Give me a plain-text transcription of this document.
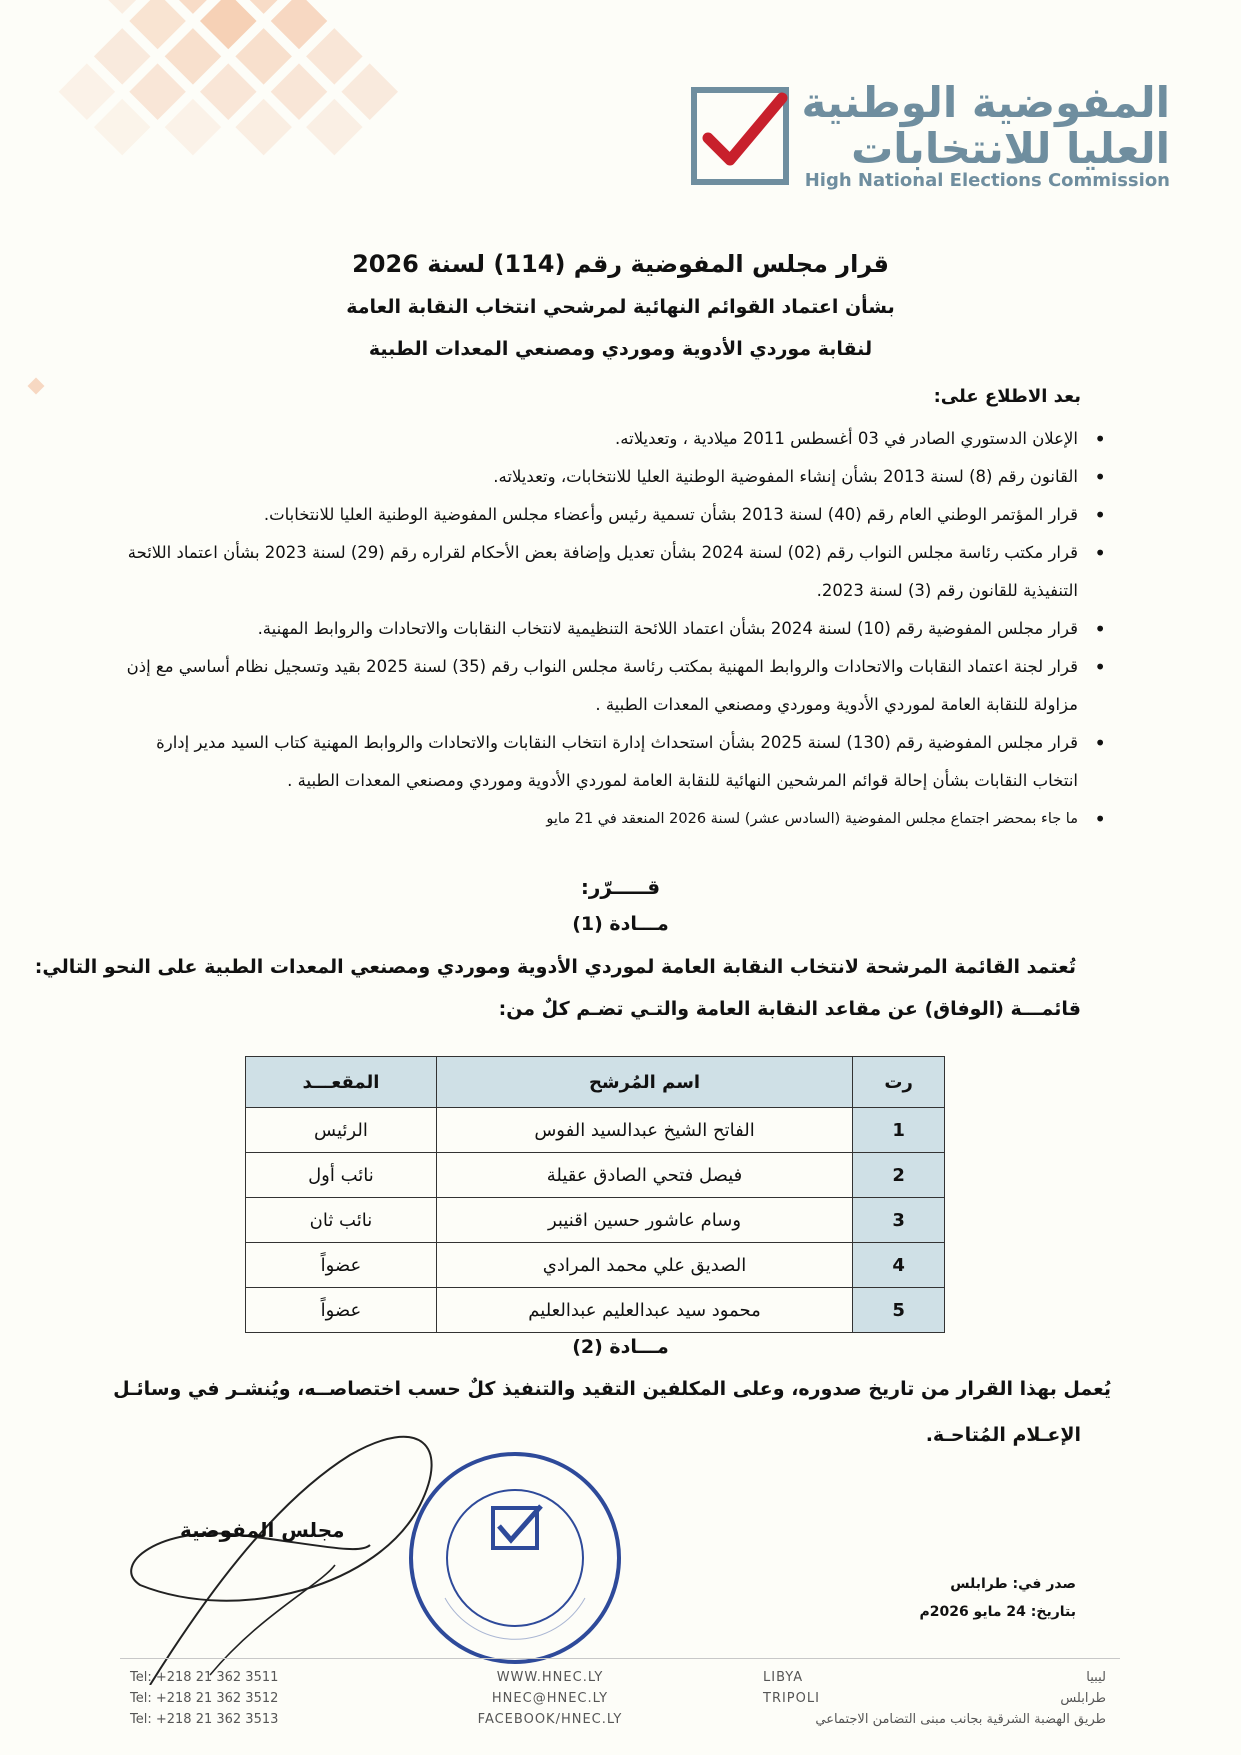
المفوضية الوطنية
العليا للانتخابات
High National Elections Commission
قرار مجلس المفوضية رقم (114) لسنة 2026
بشأن اعتماد القوائم النهائية لمرشحي انتخاب النقابة العامة
لنقابة موردي الأدوية وموردي ومصنعي المعدات الطبية
بعد الاطلاع على:
• الإعلان الدستوري الصادر في 03 أغسطس 2011 ميلادية ، وتعديلاته.
• القانون رقم (8) لسنة 2013 بشأن إنشاء المفوضية الوطنية العليا للانتخابات، وتعديلاته.
• قرار المؤتمر الوطني العام رقم (40) لسنة 2013 بشأن تسمية رئيس وأعضاء مجلس المفوضية الوطنية العليا للانتخابات.
• قرار مكتب رئاسة مجلس النواب رقم (02) لسنة 2024 بشأن تعديل وإضافة بعض الأحكام لقراره رقم (29) لسنة 2023 بشأن اعتماد اللائحة التنفيذية للقانون رقم (3) لسنة 2023.
• قرار مجلس المفوضية رقم (10) لسنة 2024 بشأن اعتماد اللائحة التنظيمية لانتخاب النقابات والاتحادات والروابط المهنية.
• قرار لجنة اعتماد النقابات والاتحادات والروابط المهنية بمكتب رئاسة مجلس النواب رقم (35) لسنة 2025 بقيد وتسجيل نظام أساسي مع إذن مزاولة للنقابة العامة لموردي الأدوية وموردي ومصنعي المعدات الطبية .
• قرار مجلس المفوضية رقم (130) لسنة 2025 بشأن استحداث إدارة انتخاب النقابات والاتحادات والروابط المهنية كتاب السيد مدير إدارة انتخاب النقابات بشأن إحالة قوائم المرشحين النهائية للنقابة العامة لموردي الأدوية وموردي ومصنعي المعدات الطبية .
• ما جاء بمحضر اجتماع مجلس المفوضية (السادس عشر) لسنة 2026 المنعقد في 21 مايو
قـــــرّر:
مـــادة (1)
تُعتمد القائمة المرشحة لانتخاب النقابة العامة لموردي الأدوية وموردي ومصنعي المعدات الطبية على النحو التالي:
قائمـــة (الوفاق) عن مقاعد النقابة العامة والتـي تضـم كلٌ من:
رت	اسم المُرشح	المقعـــد
1	الفاتح الشيخ عبدالسيد الفوس	الرئيس
2	فيصل فتحي الصادق عقيلة	نائب أول
3	وسام عاشور حسين اقنيبر	نائب ثان
4	الصديق علي محمد المرادي	عضواً
5	محمود سيد عبدالعليم عبدالعليم	عضواً
مـــادة (2)
يُعمل بهذا القرار من تاريخ صدوره، وعلى المكلفين التقيد والتنفيذ كلٌ حسب اختصاصــه، ويُنشـر في وسائـل
الإعـلام المُتاحـة.
مجلس المفوضية
صدر في: طرابلس
بتاريخ: 24 مايو 2026م
Tel: +218 21 362 3511
Tel: +218 21 362 3512
Tel: +218 21 362 3513
WWW.HNEC.LY
HNEC@HNEC.LY
FACEBOOK/HNEC.LY
LIBYA
TRIPOLI
ليبيا
طرابلس
طريق الهضبة الشرقية بجانب مبنى التضامن الاجتماعي
